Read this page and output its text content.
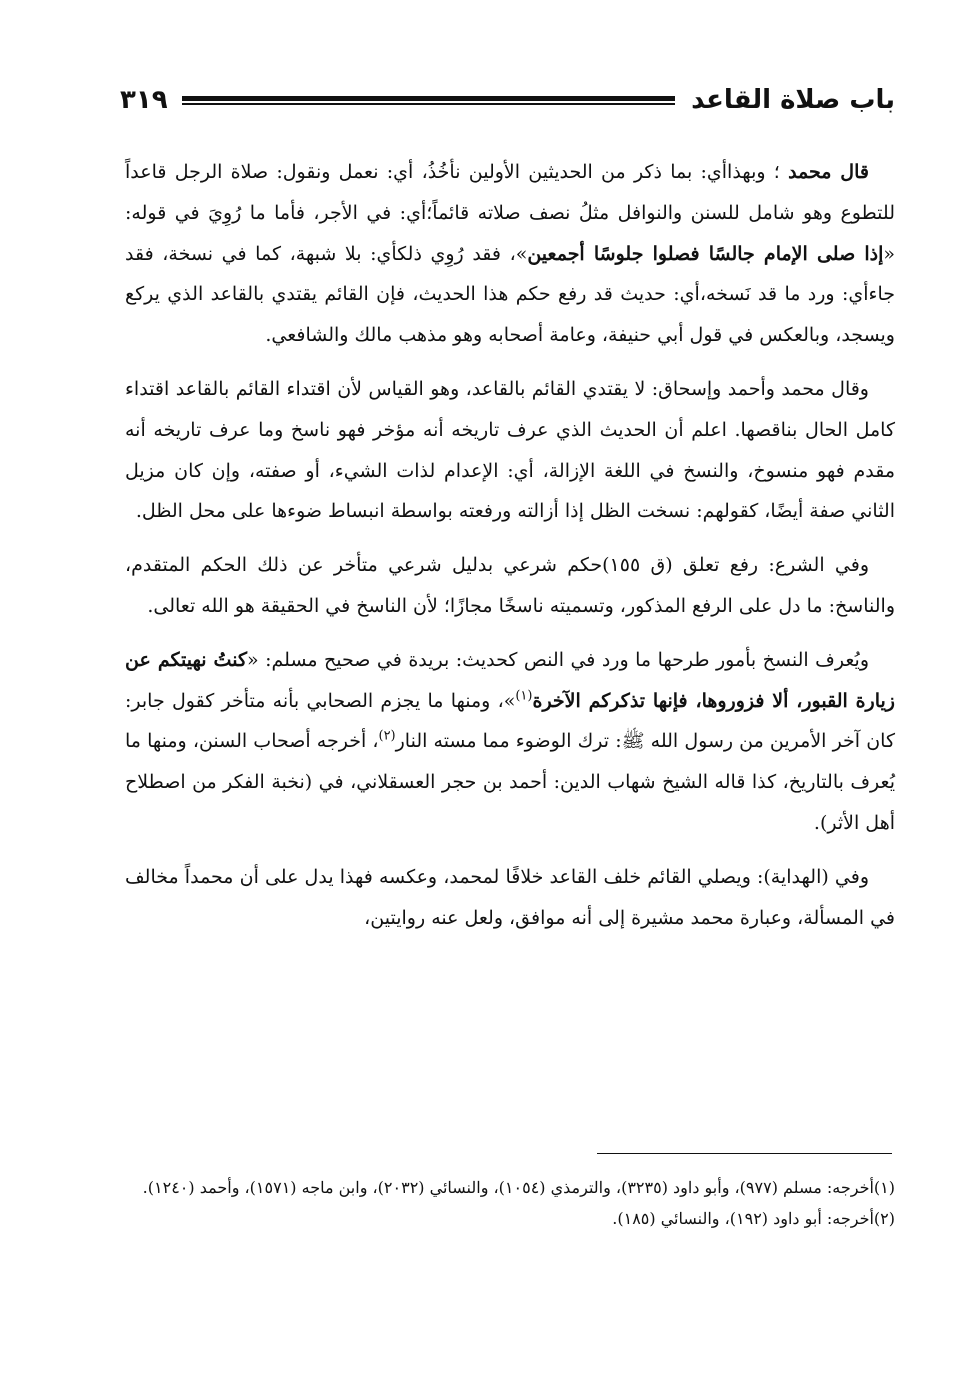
باب صلاة القاعد
٣١٩

قال محمد ؛ وبهذاأي: بما ذكر من الحديثين الأولين نأخُذُ، أي: نعمل ونقول: صلاة الرجل قاعداً للتطوع وهو شامل للسنن والنوافل مثلُ نصف صلاته قائماً؛أي: في الأجر، فأما ما رُوِيَ في قوله: «إذا صلى الإمام جالسًا فصلوا جلوسًا أجمعين»، فقد رُوِي ذلكأي: بلا شبهة، كما في نسخة، فقد جاءأي: ورد ما قد نَسخه،أي: حديث قد رفع حكم هذا الحديث، فإن القائم يقتدي بالقاعد الذي يركع ويسجد، وبالعكس في قول أبي حنيفة، وعامة أصحابه وهو مذهب مالك والشافعي.

وقال محمد وأحمد وإسحاق: لا يقتدي القائم بالقاعد، وهو القياس لأن اقتداء القائم بالقاعد اقتداء كامل الحال بناقصها. اعلم أن الحديث الذي عرف تاريخه أنه مؤخر فهو ناسخ وما عرف تاريخه أنه مقدم فهو منسوخ، والنسخ في اللغة الإزالة، أي: الإعدام لذات الشيء، أو صفته، وإن كان مزيل الثاني صفة أيضًا، كقولهم: نسخت الظل إذا أزالته ورفعته بواسطة انبساط ضوءها على محل الظل.

وفي الشرع: رفع تعلق (ق ١٥٥)حكم شرعي بدليل شرعي متأخر عن ذلك الحكم المتقدم، والناسخ: ما دل على الرفع المذكور، وتسميته ناسخًا مجازًا؛ لأن الناسخ في الحقيقة هو الله تعالى.

ويُعرف النسخ بأمور طرحها ما ورد في النص كحديث: بريدة في صحيح مسلم: «كنتُ نهيتكم عن زيارة القبور، ألا فزوروها، فإنها تذكركم الآخرة$^{(١)}$»، ومنها ما يجزم الصحابي بأنه متأخر كقول جابر: كان آخر الأمرين من رسول الله ﷺ: ترك الوضوء مما مسته النار$^{(٢)}$، أخرجه أصحاب السنن، ومنها ما يُعرف بالتاريخ، كذا قاله الشيخ شهاب الدين: أحمد بن حجر العسقلاني، في (نخبة الفكر من اصطلاح أهل الأثر).

وفي (الهداية): ويصلي القائم خلف القاعد خلافًا لمحمد، وعكسه فهذا يدل على أن محمداً مخالف في المسألة، وعبارة محمد مشيرة إلى أنه موافق، ولعل عنه روايتين،

(١)أخرجه: مسلم (٩٧٧)، وأبو داود (٣٢٣٥)، والترمذي (١٠٥٤)، والنسائي (٢٠٣٢)، وابن ماجه (١٥٧١)، وأحمد (١٢٤٠).

(٢)أخرجه: أبو داود (١٩٢)، والنسائي (١٨٥).
